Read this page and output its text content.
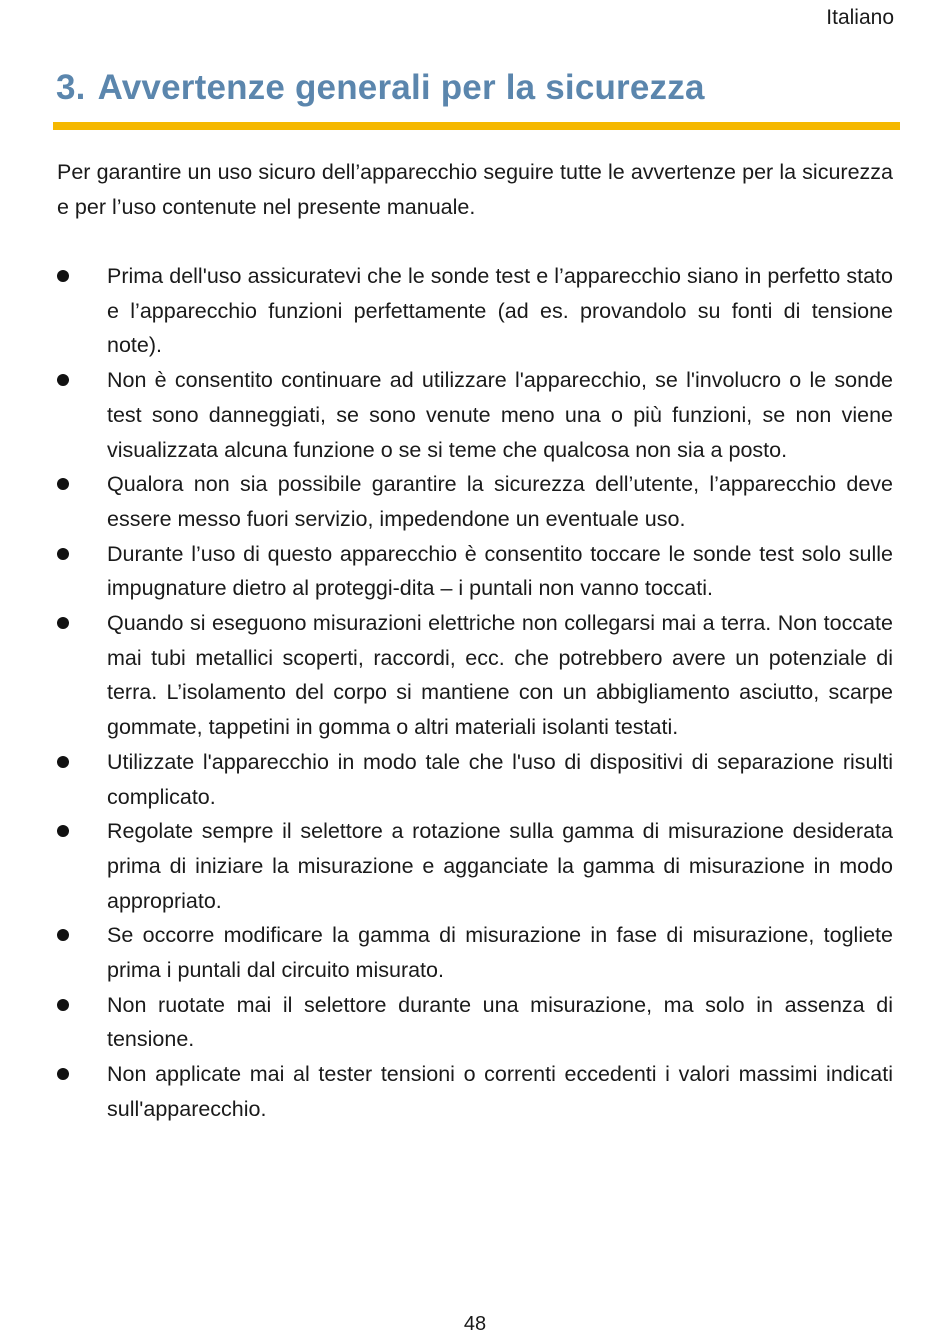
Italiano
3. Avvertenze generali per la sicurezza

Per garantire un uso sicuro dell’apparecchio seguire tutte le avvertenze per la sicurezza e per l’uso contenute nel presente manuale.

Prima dell'uso assicuratevi che le sonde test e l’apparecchio siano in perfetto stato e l’apparecchio funzioni perfettamente (ad es. provandolo su fonti di tensione note).
Non è consentito continuare ad utilizzare l'apparecchio, se l'involucro o le sonde test sono danneggiati, se sono venute meno una o più funzioni, se non viene visualizzata alcuna funzione o se si teme che qualcosa non sia a posto.
Qualora non sia possibile garantire la sicurezza dell’utente, l’apparecchio deve essere messo fuori servizio, impedendone un eventuale uso.
Durante l’uso di questo apparecchio è consentito toccare le sonde test solo sulle impugnature dietro al proteggi-dita – i puntali non vanno toccati.
Quando si eseguono misurazioni elettriche non collegarsi mai a terra. Non toccate mai tubi metallici scoperti, raccordi, ecc. che potrebbero avere un potenziale di terra. L’isolamento del corpo si mantiene con un abbigliamento asciutto, scarpe gommate, tappetini in gomma o altri materiali isolanti testati.
Utilizzate l'apparecchio in modo tale che l'uso di dispositivi di separazione risulti complicato.
Regolate sempre il selettore a rotazione sulla gamma di misurazione desiderata prima di iniziare la misurazione e agganciate la gamma di misurazione in modo appropriato.
Se occorre modificare la gamma di misurazione in fase di misurazione, togliete prima i puntali dal circuito misurato.
Non ruotate mai il selettore durante una misurazione, ma solo in assenza di tensione.
Non applicate mai al tester tensioni o correnti eccedenti i valori massimi indicati sull'apparecchio.
48
